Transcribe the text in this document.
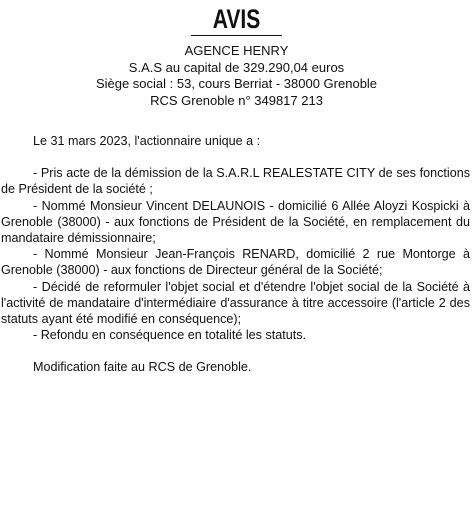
AVIS
AGENCE HENRY
S.A.S au capital de 329.290,04 euros
Siège social : 53, cours Berriat - 38000 Grenoble
RCS Grenoble n° 349817 213

Le 31 mars 2023, l'actionnaire unique a :

- Pris acte de la démission de la S.A.R.L REALESTATE CITY de ses fonctions de Président de la société ;

- Nommé Monsieur Vincent DELAUNOIS - domicilié 6 Allée Aloyzi Kospicki à Grenoble (38000) - aux fonctions de Président de la Société, en remplacement du mandataire démissionnaire;

- Nommé Monsieur Jean-François RENARD, domicilié 2 rue Montorge à Grenoble (38000) - aux fonctions de Directeur général de la Société;

- Décidé de reformuler l'objet social et d'étendre l'objet social de la Société à l'activité de mandataire d'intermédiaire d'assurance à titre accessoire (l'article 2 des statuts ayant été modifié en conséquence);

- Refondu en conséquence en totalité les statuts.

Modification faite au RCS de Grenoble.
